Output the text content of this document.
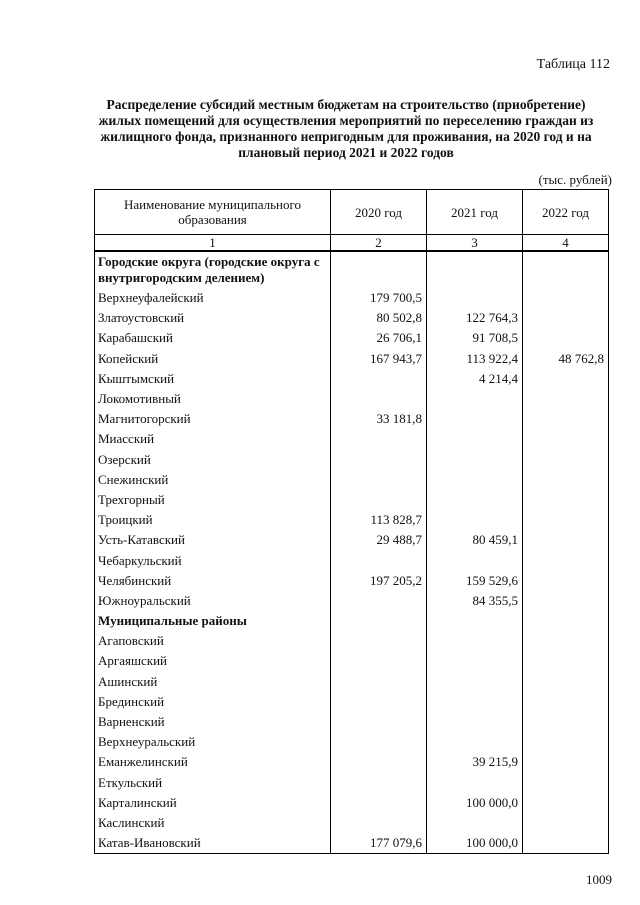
Таблица 112
Распределение субсидий местным бюджетам на строительство (приобретение)
жилых помещений для осуществления мероприятий по переселению граждан из
жилищного фонда, признанного непригодным для проживания, на 2020 год и на
плановый период 2021 и 2022 годов
(тыс. рублей)
Наименование муниципального образования	2020 год	2021 год	2022 год
1	2	3	4
Городские округа (городские округа с внутригородским делением)			
Верхнеуфалейский	179 700,5		
Златоустовский	80 502,8	122 764,3	
Карабашский	26 706,1	91 708,5	
Копейский	167 943,7	113 922,4	48 762,8
Кыштымский		4 214,4	
Локомотивный			
Магнитогорский	33 181,8		
Миасский			
Озерский			
Снежинский			
Трехгорный			
Троицкий	113 828,7		
Усть-Катавский	29 488,7	80 459,1	
Чебаркульский			
Челябинский	197 205,2	159 529,6	
Южноуральский		84 355,5	
Муниципальные районы			
Агаповский			
Аргаяшский			
Ашинский			
Брединский			
Варненский			
Верхнеуральский			
Еманжелинский		39 215,9	
Еткульский			
Карталинский		100 000,0	
Каслинский			
Катав-Ивановский	177 079,6	100 000,0	
1009
